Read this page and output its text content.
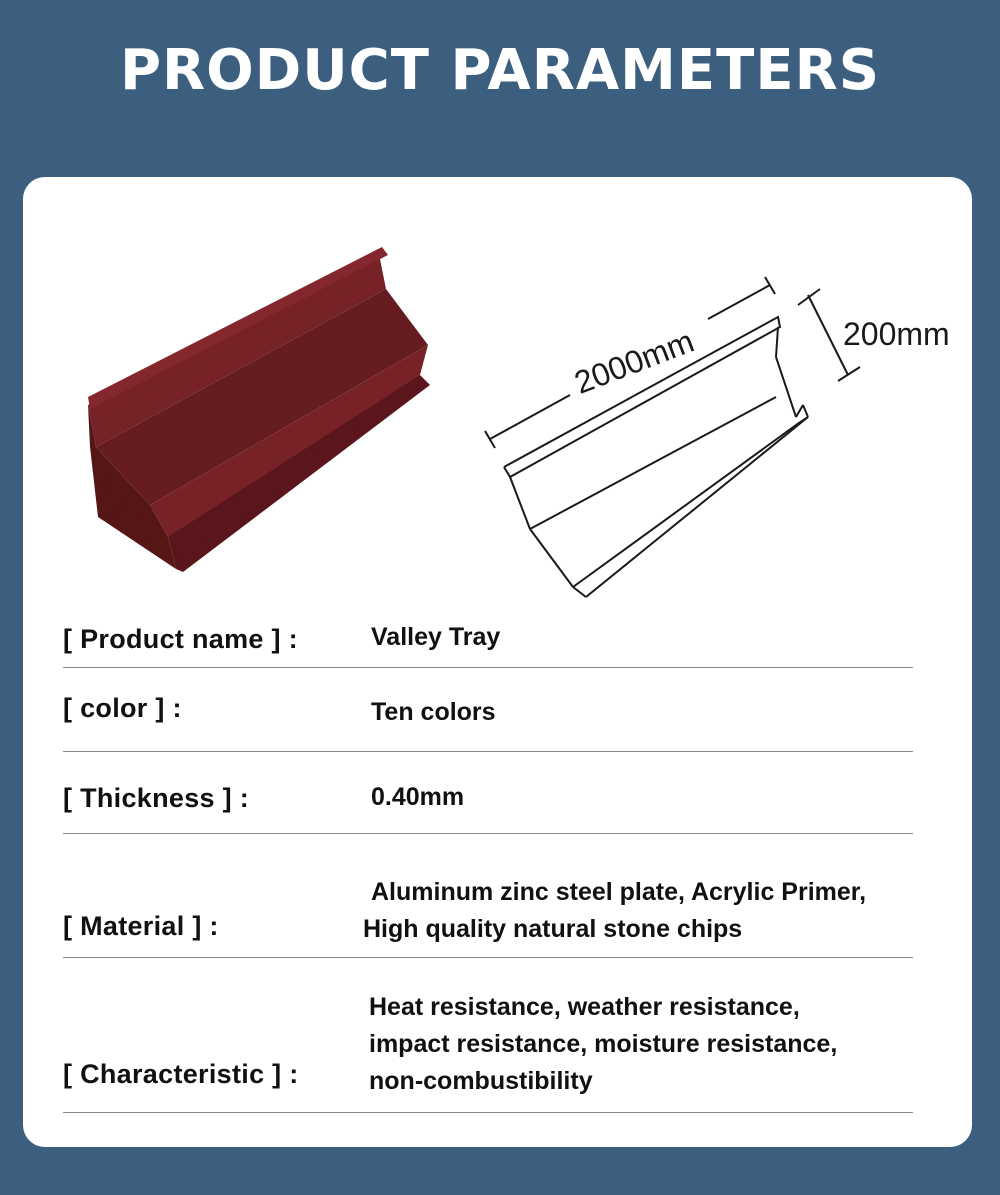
PRODUCT PARAMETERS
2000mm	200mm
[ Product name ] :	Valley Tray
[ color ] :	Ten colors
[ Thickness ] :	0.40mm
[ Material ] :
Aluminum zinc steel plate, Acrylic Primer,
High quality natural stone chips
[ Characteristic ] :
Heat resistance, weather resistance,
impact resistance, moisture resistance,
non-combustibility
